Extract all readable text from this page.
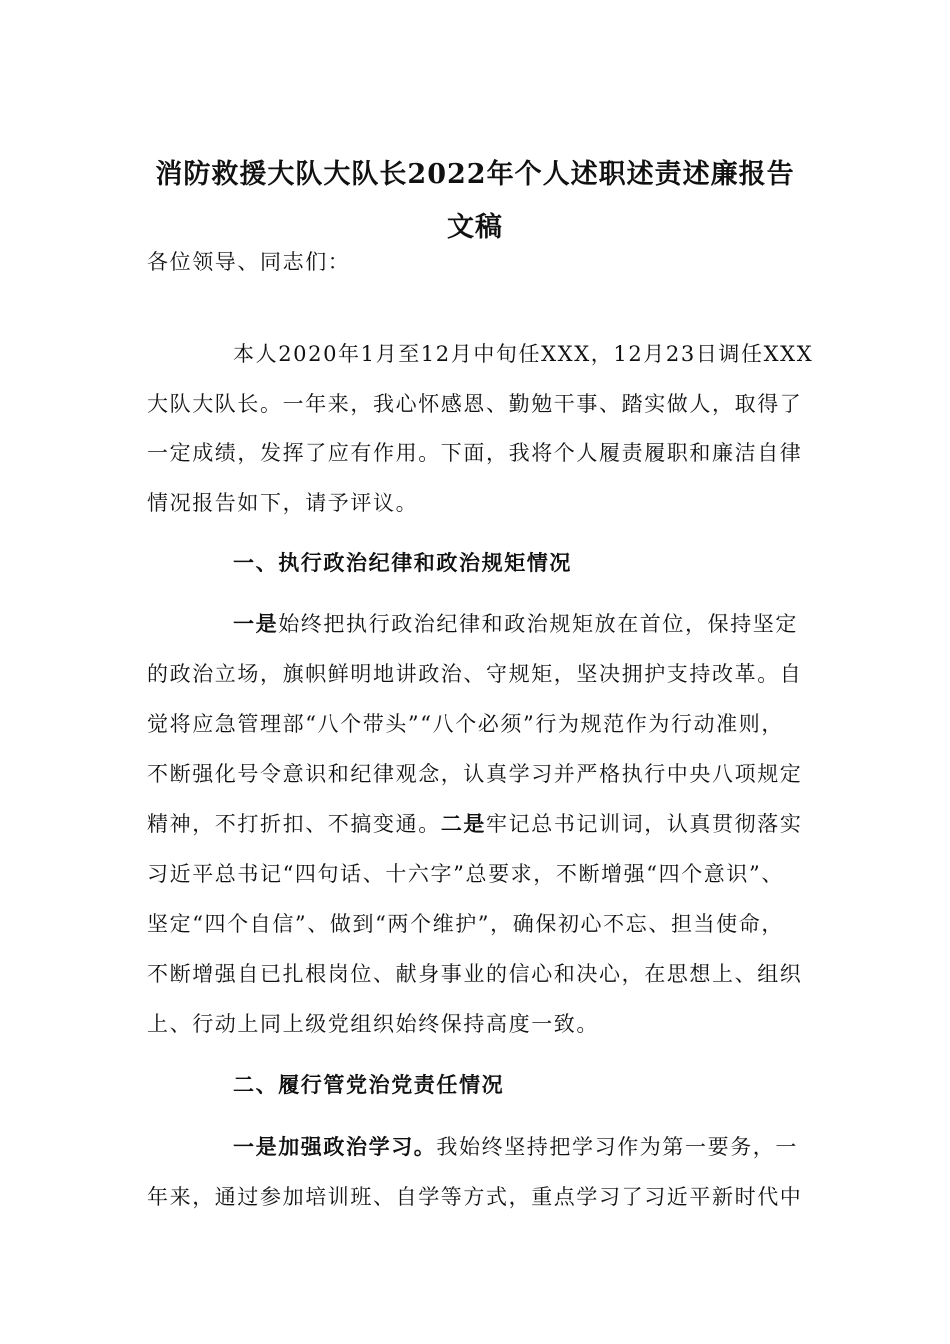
消防救援大队大队长2022年个人述职述责述廉报告
文稿
各位领导、同志们：
本人2020年1月至12月中旬任XXX，12月23日调任XXX
大队大队长。一年来，我心怀感恩、勤勉干事、踏实做人，取得了
一定成绩，发挥了应有作用。下面，我将个人履责履职和廉洁自律
情况报告如下，请予评议。
一、执行政治纪律和政治规矩情况
一是始终把执行政治纪律和政治规矩放在首位，保持坚定
的政治立场，旗帜鲜明地讲政治、守规矩，坚决拥护支持改革。自
觉将应急管理部“八个带头”“八个必须”行为规范作为行动准则，
不断强化号令意识和纪律观念，认真学习并严格执行中央八项规定
精神，不打折扣、不搞变通。二是牢记总书记训词，认真贯彻落实
习近平总书记“四句话、十六字”总要求，不断增强“四个意识”、
坚定“四个自信”、做到“两个维护”，确保初心不忘、担当使命，
不断增强自已扎根岗位、献身事业的信心和决心，在思想上、组织
上、行动上同上级党组织始终保持高度一致。
二、履行管党治党责任情况
一是加强政治学习。我始终坚持把学习作为第一要务，一
年来，通过参加培训班、自学等方式，重点学习了习近平新时代中
